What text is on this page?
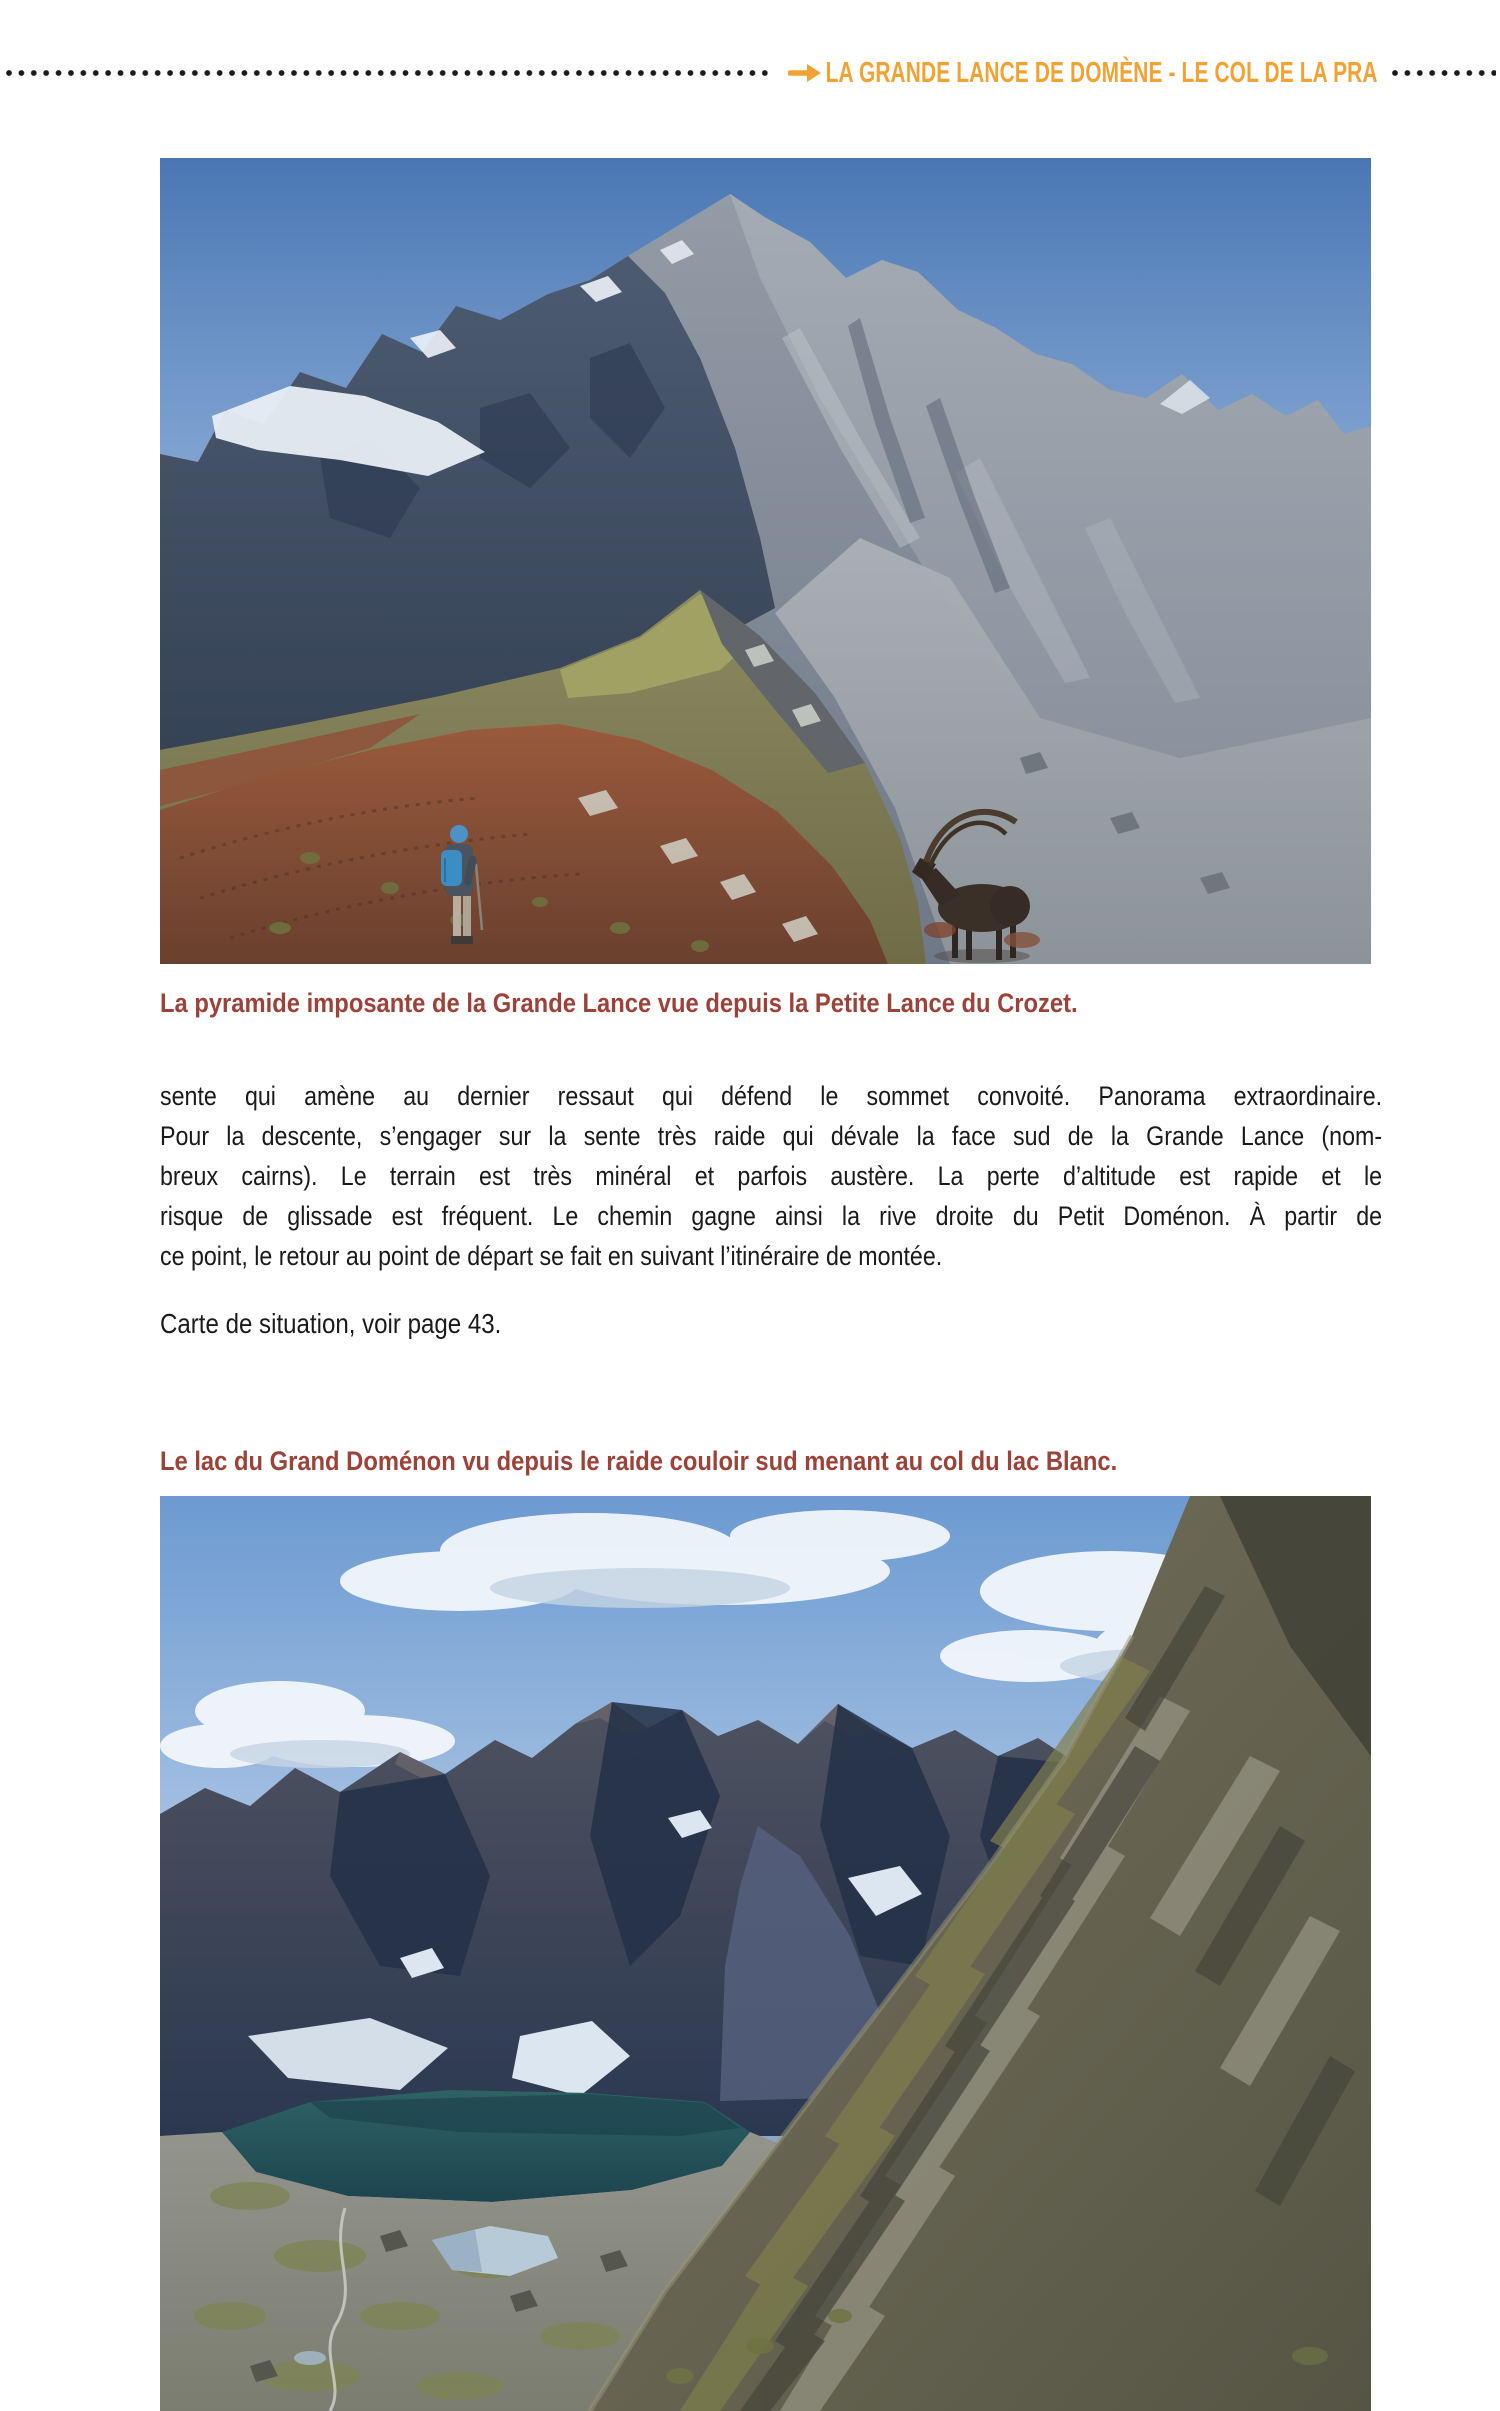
LA GRANDE LANCE DE DOMÈNE - LE COL DE LA PRA
La pyramide imposante de la Grande Lance vue depuis la Petite Lance du Crozet.
sente qui amène au dernier ressaut qui défend le sommet convoité. Panorama extraordinaire.
Pour la descente, s’engager sur la sente très raide qui dévale la face sud de la Grande Lance (nom-
breux cairns). Le terrain est très minéral et parfois austère. La perte d’altitude est rapide et le
risque de glissade est fréquent. Le chemin gagne ainsi la rive droite du Petit Doménon. À partir de
ce point, le retour au point de départ se fait en suivant l’itinéraire de montée.
Carte de situation, voir page 43.
Le lac du Grand Doménon vu depuis le raide couloir sud menant au col du lac Blanc.
